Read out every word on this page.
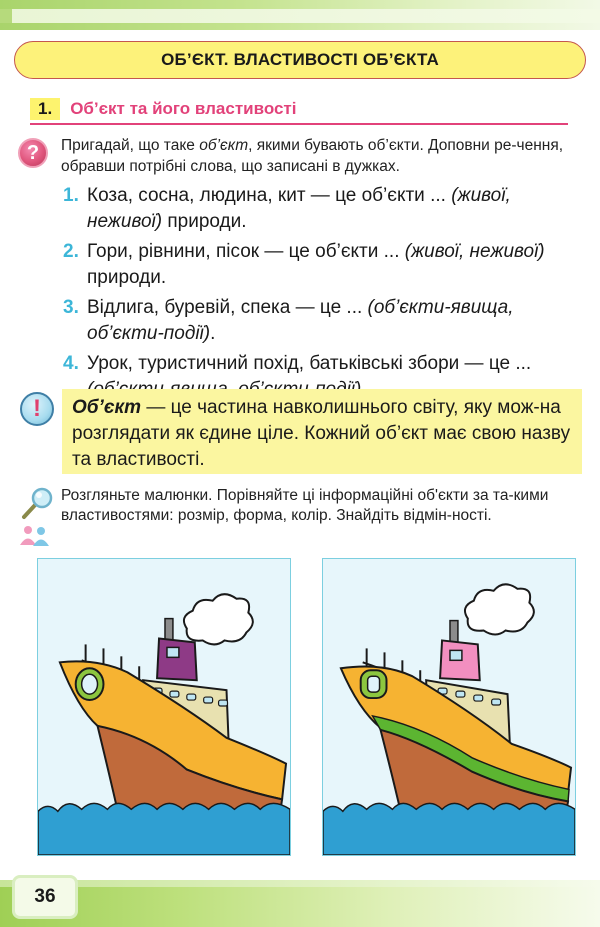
ОБ’ЄКТ. ВЛАСТИВОСТІ ОБ’ЄКТА
1.	Об’єкт та його властивості
?	Пригадай, що таке об’єкт, якими бувають об’єкти. Доповни ре-чення, обравши потрібні слова, що записані в дужках.
1. Коза, сосна, людина, кит — це об’єкти ... (живої, неживої) природи.
2. Гори, рівнини, пісок — це об’єкти ... (живої, неживої) природи.
3. Відлига, буревій, спека — це ... (об’єкти-явища, об’єкти-події).
4. Урок, туристичний похід, батьківські збори — це ...
!	Об’єкт — це частина навколишнього світу, яку мож-на розглядати як єдине ціле. Кожний об’єкт має свою назву та властивості.
Розгляньте малюнки. Порівняйте ці інформаційні об'єкти за та-кими властивостями: розмір, форма, колір. Знайдіть відмін-ності.
36
